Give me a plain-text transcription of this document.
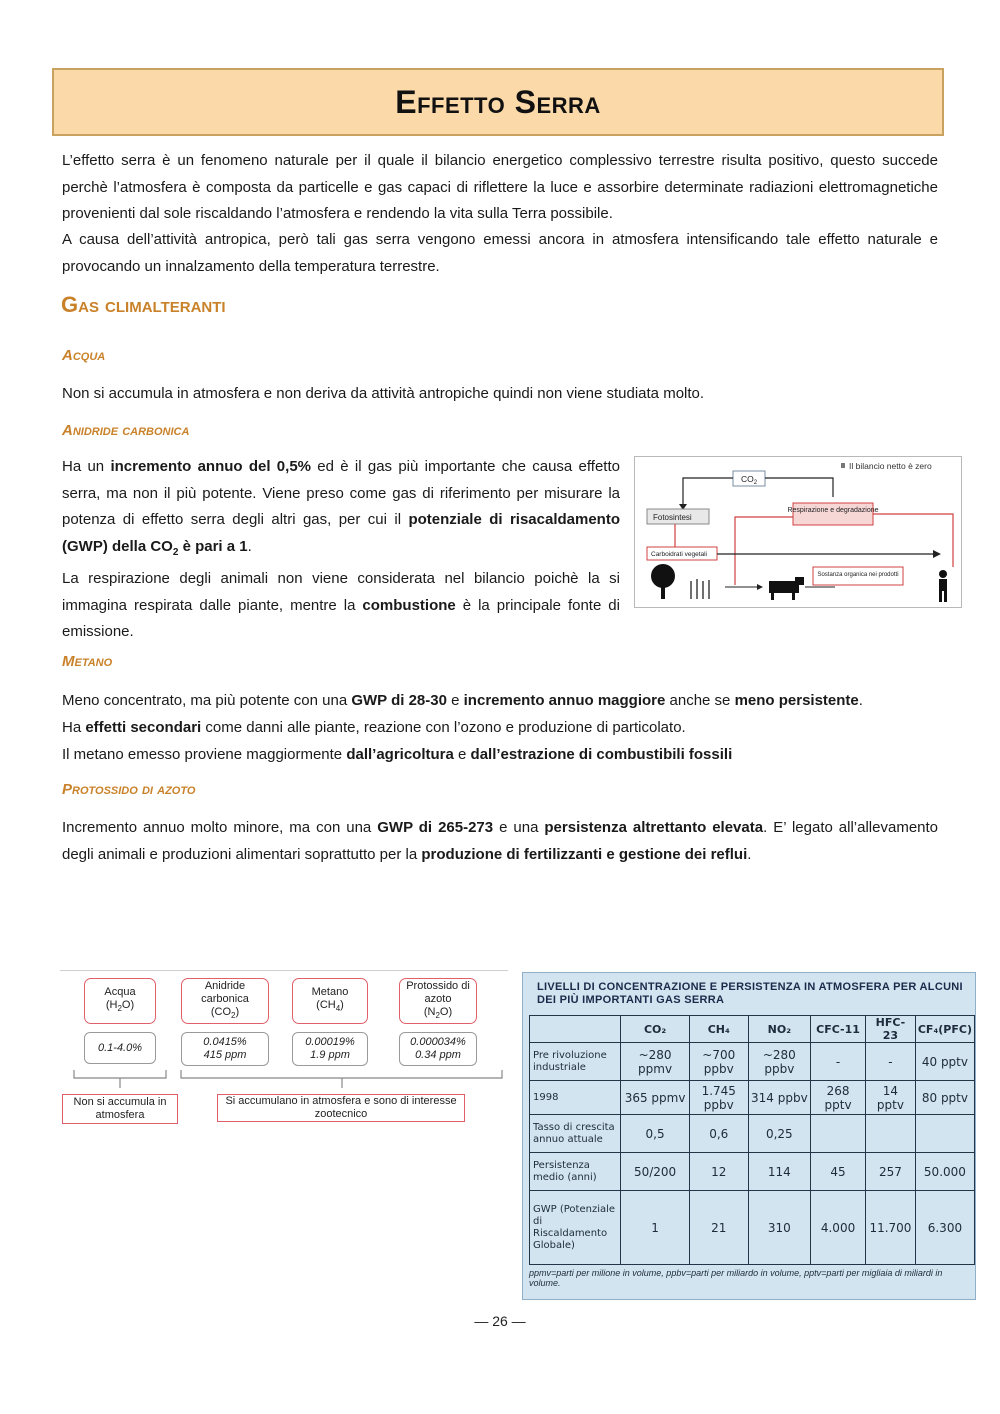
Effetto Serra

L’effetto serra è un fenomeno naturale per il quale il bilancio energetico complessivo terrestre risulta positivo, questo succede perchè l’atmosfera è composta da particelle e gas capaci di riflettere la luce e assorbire determinate radiazioni elettromagnetiche provenienti dal sole riscaldando l’atmosfera e rendendo la vita sulla Terra possibile.

A causa dell’attività antropica, però tali gas serra vengono emessi ancora in atmosfera intensificando tale effetto naturale e provocando un innalzamento della temperatura terrestre.

Gas climalteranti
Acqua

Non si accumula in atmosfera e non deriva da attività antropiche quindi non viene studiata molto.

Anidride carbonica

Ha un incremento annuo del 0,5% ed è il gas più importante che causa effetto serra, ma non il più potente. Viene preso come gas di riferimento per misurare la potenza di effetto serra degli altri gas, per cui il potenziale di risacaldamento (GWP) della $CO_2$ è pari a 1.
La respirazione degli animali non viene considerata nel bilancio poichè la si immagina respirata dalle piante, mentre la combustione è la principale fonte di emissione.

Il bilancio netto è zero
$CO_2$
Fotosintesi
Respirazione e degradazione
Carboidrati vegetali
Sostanza organica nei prodotti
Metano

Meno concentrato, ma più potente con una GWP di 28-30 e incremento annuo maggiore anche se meno persistente.
Ha effetti secondari come danni alle piante, reazione con l’ozono e produzione di particolato.
Il metano emesso proviene maggiormente dall’agricoltura e dall’estrazione di combustibili fossili

Protossido di azoto

Incremento annuo molto minore, ma con una GWP di 265-273 e una persistenza altrettanto elevata. E’ legato all’allevamento degli animali e produzioni alimentari soprattutto per la produzione di fertilizzanti e gestione dei reflui.

Acqua
$(H_2O)$
Anidride carbonica
$(CO_2)$
Metano
$(CH_4)$
Protossido di azoto
$(N_2O)$
0.1-4.0%	0.0415%
415 ppm
0.00019%
1.9 ppm
0.000034%
0.34 ppm
Non si accumula in atmosfera
Si accumulano in atmosfera e sono di interesse zootecnico
LIVELLI DI CONCENTRAZIONE E PERSISTENZA IN ATMOSFERA PER ALCUNI DEI PIÙ IMPORTANTI GAS SERRA
	CO₂	CH₄	NO₂	CFC-11	HFC-23	CF₄(PFC)
Pre rivoluzione industriale	~280 ppmv	~700 ppbv	~280 ppbv	-	-	40 pptv
1998	365 ppmv	1.745 ppbv	314 ppbv	268 pptv	14 pptv	80 pptv
Tasso di crescita annuo attuale	0,5	0,6	0,25			
Persistenza medio (anni)	50/200	12	114	45	257	50.000
GWP (Potenziale di Riscaldamento Globale)	1	21	310	4.000	11.700	6.300
ppmv=parti per milione in volume, ppbv=parti per miliardo in volume, pptv=parti per migliaia di miliardi in volume.
— 26 —
